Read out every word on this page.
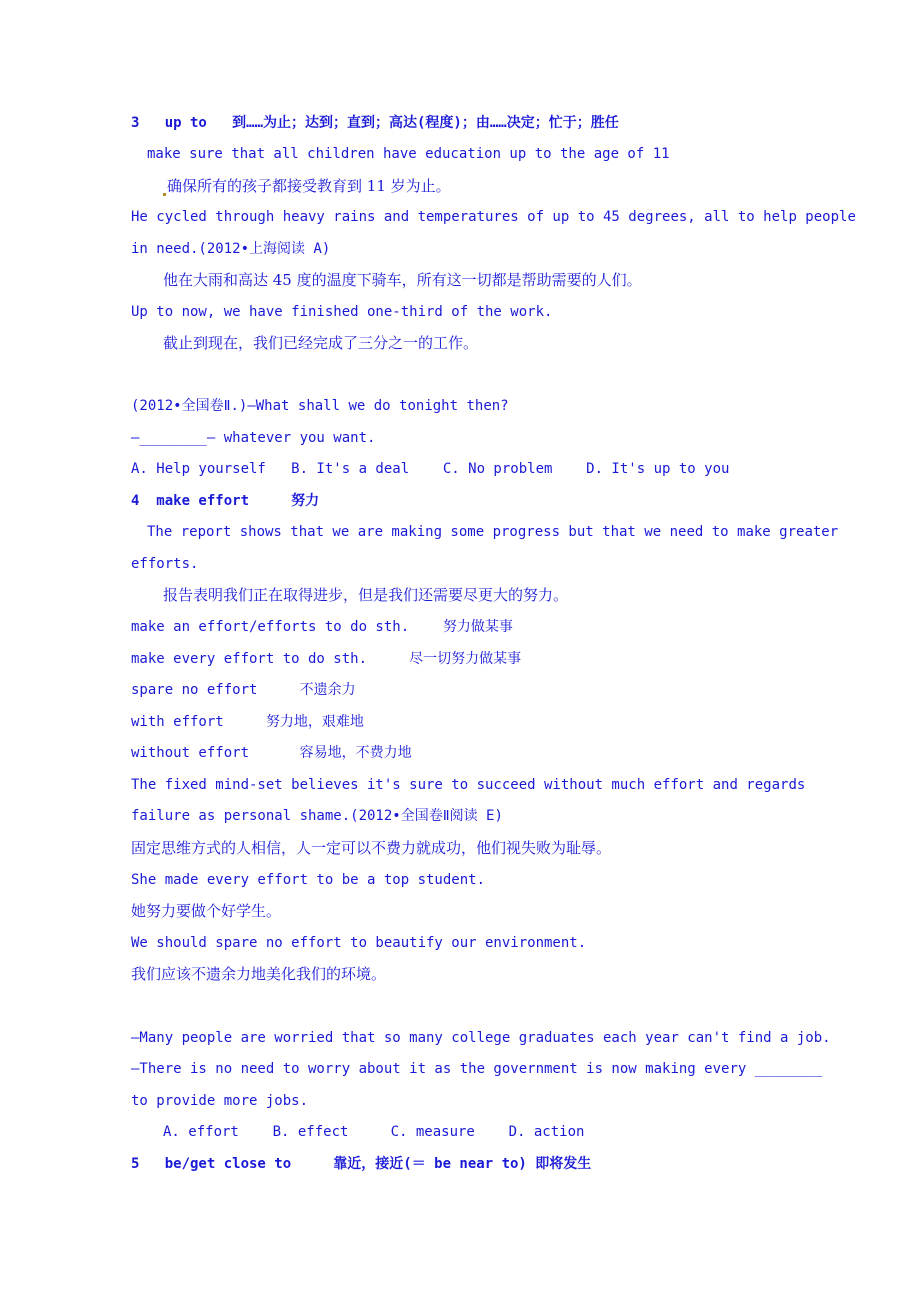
3   up to   到……为止；达到；直到；高达(程度)；由……决定；忙于；胜任
make sure that all children have education up to the age of 11
确保所有的孩子都接受教育到 11 岁为止。
He cycled through heavy rains and temperatures of up to 45 degrees, all to help people
in need.(2012•上海阅读 A)
他在大雨和高达 45 度的温度下骑车，所有这一切都是帮助需要的人们。
Up to now, we have finished one-third of the work.
截止到现在，我们已经完成了三分之一的工作。
(2012•全国卷Ⅱ.)—What shall we do tonight then?
—________— whatever you want.
A. Help yourself   B. It's a deal    C. No problem    D. It's up to you
4  make effort     努力
The report shows that we are making some progress but that we need to make greater
efforts.
报告表明我们正在取得进步，但是我们还需要尽更大的努力。
make an effort/efforts to do sth.    努力做某事
make every effort to do sth.     尽一切努力做某事
spare no effort     不遗余力
with effort     努力地，艰难地
without effort      容易地，不费力地
The fixed mind-set believes it's sure to succeed without much effort and regards
failure as personal shame.(2012•全国卷Ⅱ阅读 E)
固定思维方式的人相信，人一定可以不费力就成功，他们视失败为耻辱。
She made every effort to be a top student.
她努力要做个好学生。
We should spare no effort to beautify our environment.
我们应该不遗余力地美化我们的环境。
—Many people are worried that so many college graduates each year can't find a job.
—There is no need to worry about it as the government is now making every ________
to provide more jobs.
A. effort    B. effect     C. measure    D. action
5   be/get close to     靠近，接近(＝ be near to) 即将发生
